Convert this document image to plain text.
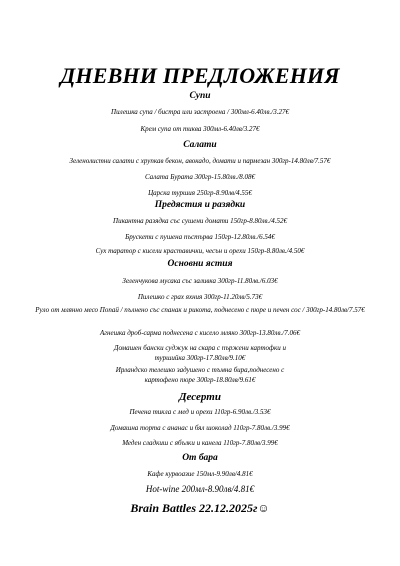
ДНЕВНИ ПРЕДЛОЖЕНИЯ
Супи
Пилешка супа / бистра или застроена / 300мл-6.40лв./3.27€
Крем супа от тиква 300мл-6.40лв/3.27€
Салати
Зеленолистни салати с хрупкав бекон, авокадо, домати и пармезан 300гр-14.80лв/7.57€
Салата Бурата 300гр-15.80лв./8.08€
Царска туршия 250гр-8.90лв/4.55€
Предястия и разядки
Пикантна разядка със сушени домати 150гр-8.80лв./4.52€
Брускети с пушена пъстърва 150гр-12.80лв./6.54€
Сух таратор с кисели краставички, чесън и орехи 150гр-8.80лв./4.50€
Основни ястия
Зеленчукова мусака със заливка 300гр-11.80лв./6.03€
Пилешко с грах яхния 300гр-11.20лв/5.73€
Руло от млянно месо Попай / пълнено със спанак и рикота, поднесено с пюре и печен сос / 300гр-14.80лв/7.57€
Агнешка дроб-сарма поднесена с кисело мляко 300гр-13.80лв./7.06€
Домашен бански суджук на скара с пържени картофки и туршийка 300гр-17.80лв/9.10€
Ирландско телешко задушено с тъмна бира,поднесено с картофено пюре 300гр-18.80лв/9.61€
Десерти
Печена тикла с мед и орехи 110гр-6.90лв./3.53€
Домашна торта с ананас и бял шоколад 110гр-7.80лв./3.99€
Меден сладкиш с ябълки и канела 110гр-7.80лв/3.99€
От бара
Кафе курвоазие 150мл-9.90лв/4.81€
Hot-wine 200мл-8.90лв/4.81€
Brain Battles 22.12.2025г☺
